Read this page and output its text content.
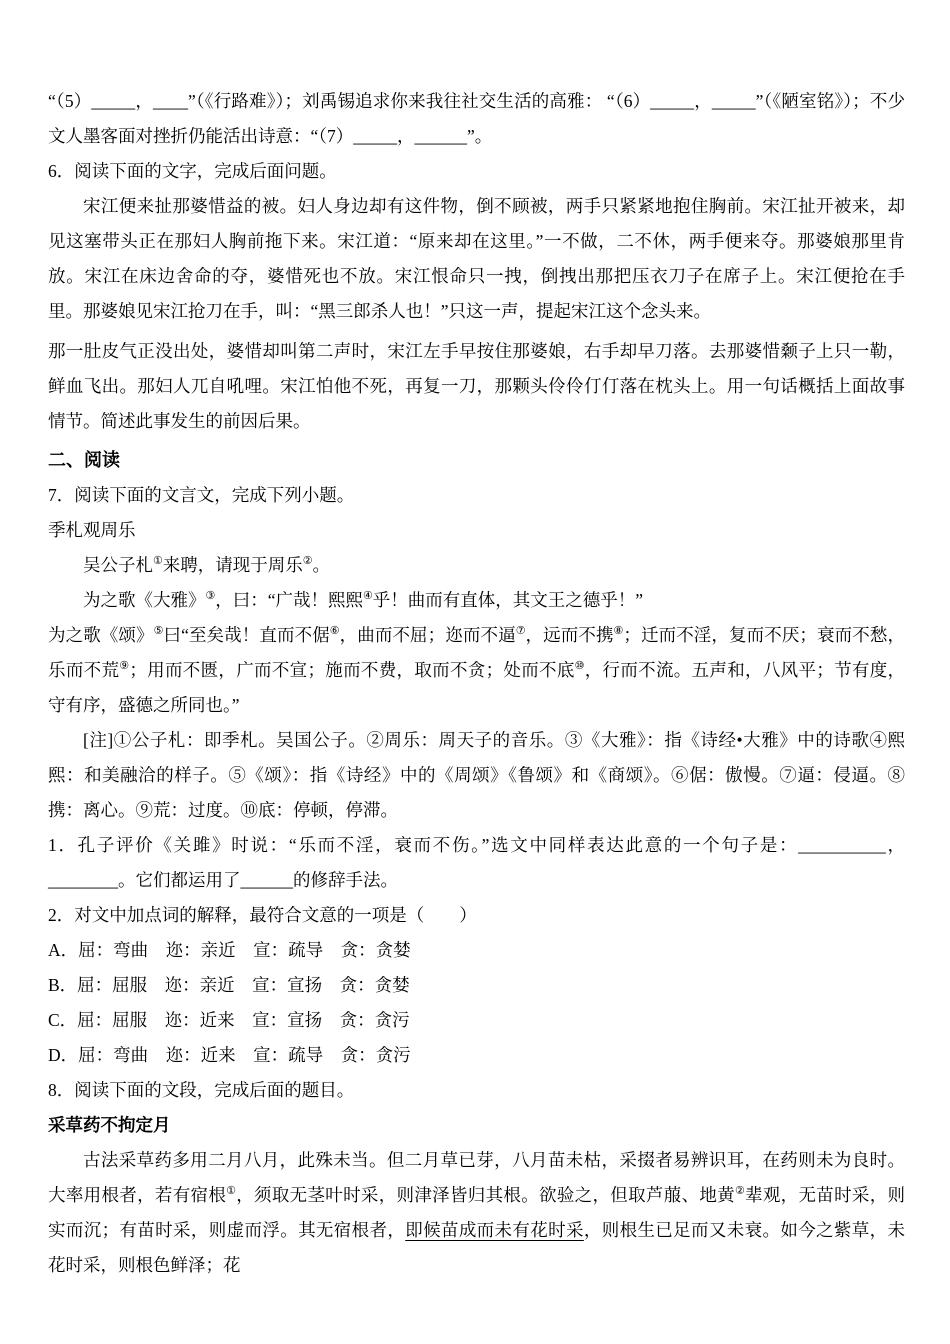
“（5）_____，____”（《行路难》）；刘禹锡追求你来我往社交生活的高雅： “（6）_____，_____”（《陋室铭》）；不少文人墨客面对挫折仍能活出诗意：“（7）_____，______”。

6．阅读下面的文字，完成后面问题。

宋江便来扯那婆惜益的被。妇人身边却有这件物，倒不顾被，两手只紧紧地抱住胸前。宋江扯开被来，却见这塞带头正在那妇人胸前拖下来。宋江道：“原来却在这里。”一不做，二不休，两手便来夺。那婆娘那里肯放。宋江在床边舍命的夺，婆惜死也不放。宋江恨命只一拽，倒拽出那把压衣刀子在席子上。宋江便抢在手里。那婆娘见宋江抢刀在手，叫：“黑三郎杀人也！”只这一声，提起宋江这个念头来。

那一肚皮气正没出处，婆惜却叫第二声时，宋江左手早按住那婆娘，右手却早刀落。去那婆惜颡子上只一勒，鲜血飞出。那妇人兀自吼哩。宋江怕他不死，再复一刀，那颗头伶伶仃仃落在枕头上。用一句话概括上面故事情节。简述此事发生的前因后果。

二、阅读

7．阅读下面的文言文，完成下列小题。

季札观周乐

吴公子札①来聘，请现于周乐②。

为之歌《大雅》③，曰：“广哉！熙熙④乎！曲而有直体，其文王之德乎！”

为之歌《颂》⑤曰“至矣哉！直而不倨⑥，曲而不屈；迩而不逼⑦，远而不携⑧；迁而不淫，复而不厌；衰而不愁，乐而不荒⑨；用而不匮，广而不宣；施而不费，取而不贪；处而不底⑩，行而不流。五声和，八风平；节有度，守有序，盛德之所同也。”

[注]①公子札：即季札。吴国公子。②周乐：周天子的音乐。③《大雅》：指《诗经•大雅》中的诗歌④熙熙：和美融洽的样子。⑤《颂》：指《诗经》中的《周颂》《鲁颂》和《商颂》。⑥倨：傲慢。⑦逼：侵逼。⑧携：离心。⑨荒：过度。⑩底：停顿，停滞。

1．孔子评价《关雎》时说：“乐而不淫，衰而不伤。”选文中同样表达此意的一个句子是：__________，________。它们都运用了______的修辞手法。

2．对文中加点词的解释，最符合文意的一项是（　　）

A．屈：弯曲　迩：亲近　宣：疏导　贪：贪婪

B．屈：屈服　迩：亲近　宣：宣扬　贪：贪婪

C．屈：屈服　迩：近来　宣：宣扬　贪：贪污

D．屈：弯曲　迩：近来　宣：疏导　贪：贪污

8．阅读下面的文段，完成后面的题目。

采草药不拘定月

古法采草药多用二月八月，此殊未当。但二月草已芽，八月苗未枯，采掇者易辨识耳，在药则未为良时。大率用根者，若有宿根①，须取无茎叶时采，则津泽皆归其根。欲验之，但取芦菔、地黄②辈观，无苗时采，则实而沉；有苗时采，则虚而浮。其无宿根者，即候苗成而未有花时采，则根生已足而又未衰。如今之紫草，未花时采，则根色鲜泽；花
